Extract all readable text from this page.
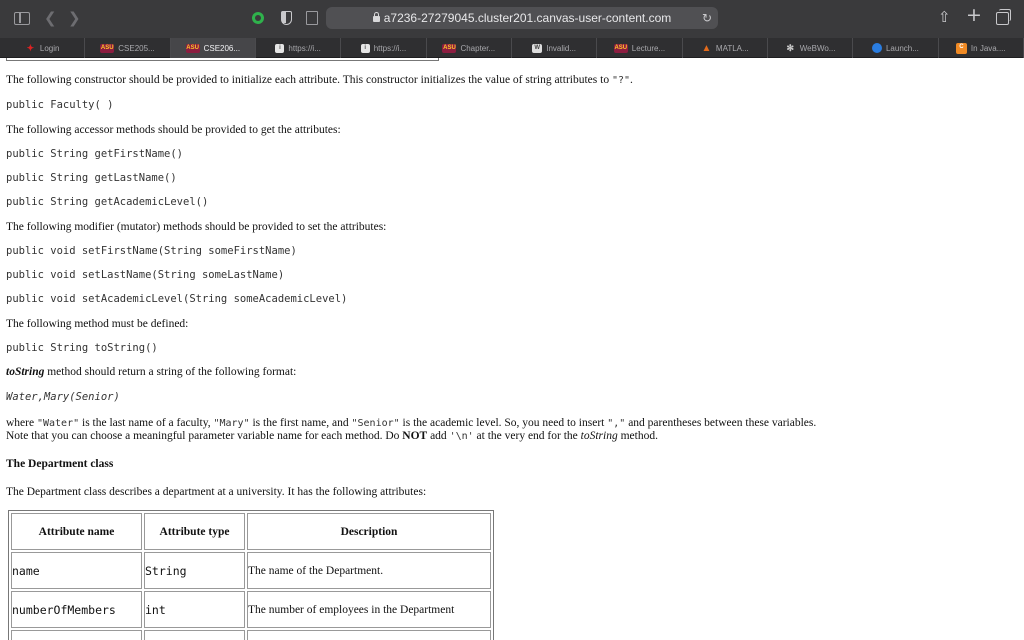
❮ ❯	a7236-27279045.cluster201.canvas-user-content.com	↻	⇧ +
✦ Login	ASU CSE205...	ASU CSE206...	i https://i...	i https://i...	ASU Chapter...	W Invalid...	ASU Lecture...	▲ MATLA...	✻ WeBWo...	Launch...	C In Java....
The following constructor should be provided to initialize each attribute. This constructor initializes the value of string attributes to "?".
public Faculty( )
The following accessor methods should be provided to get the attributes:
public String getFirstName()
public String getLastName()
public String getAcademicLevel()
The following modifier (mutator) methods should be provided to set the attributes:
public void setFirstName(String someFirstName)
public void setLastName(String someLastName)
public void setAcademicLevel(String someAcademicLevel)
The following method must be defined:
public String toString()
toString method should return a string of the following format:
Water,Mary(Senior)
where "Water" is the last name of a faculty, "Mary" is the first name, and "Senior" is the academic level. So, you need to insert "," and parentheses between these variables.
Note that you can choose a meaningful parameter variable name for each method. Do NOT add '\n' at the very end for the toString method.
The Department class
The Department class describes a department at a university. It has the following attributes:
Attribute name	Attribute type	Description
name	String	The name of the Department.
numberOfMembers	int	The number of employees in the Department
